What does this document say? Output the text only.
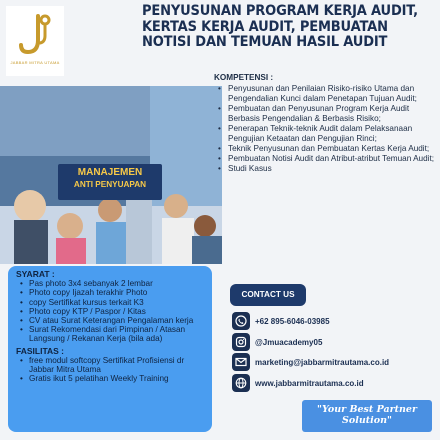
JABBAR MITRA UTAMA
PENYUSUNAN PROGRAM KERJA AUDIT,
KERTAS KERJA AUDIT, PEMBUATAN
NOTISI DAN TEMUAN HASIL AUDIT
MANAJEMEN
ANTI PENYUAPAN
KOMPETENSI :
• Penyusunan dan Penilaian Risiko-risiko Utama dan Pengendalian Kunci dalam Penetapan Tujuan Audit;
• Pembuatan dan Penyusunan Program Kerja Audit Berbasis Pengendalian & Berbasis Risiko;
• Penerapan Teknik-teknik Audit dalam Pelaksanaan Pengujian Ketaatan dan Pengujian Rinci;
• Teknik Penyusunan dan Pembuatan Kertas Kerja Audit;
• Pembuatan Notisi Audit dan Atribut-atribut Temuan Audit;
• Studi Kasus
SYARAT :
• Pas photo 3x4 sebanyak 2 lembar
• Photo copy Ijazah terakhir Photo
• copy Sertifikat kursus terkait K3
• Photo copy KTP / Paspor / Kitas
• CV atau Surat Keterangan Pengalaman kerja
• Surat Rekomendasi dari Pimpinan / Atasan Langsung / Rekanan Kerja (bila ada)
FASILITAS :
• free modul softcopy Sertifikat Profisiensi dr Jabbar Mitra Utama
• Gratis ikut 5 pelatihan Weekly Training
CONTACT US
+62 895-6046-03985
@Jmuacademy05
marketing@jabbarmitrautama.co.id
www.jabbarmitrautama.co.id
"Your Best Partner
Solution"
